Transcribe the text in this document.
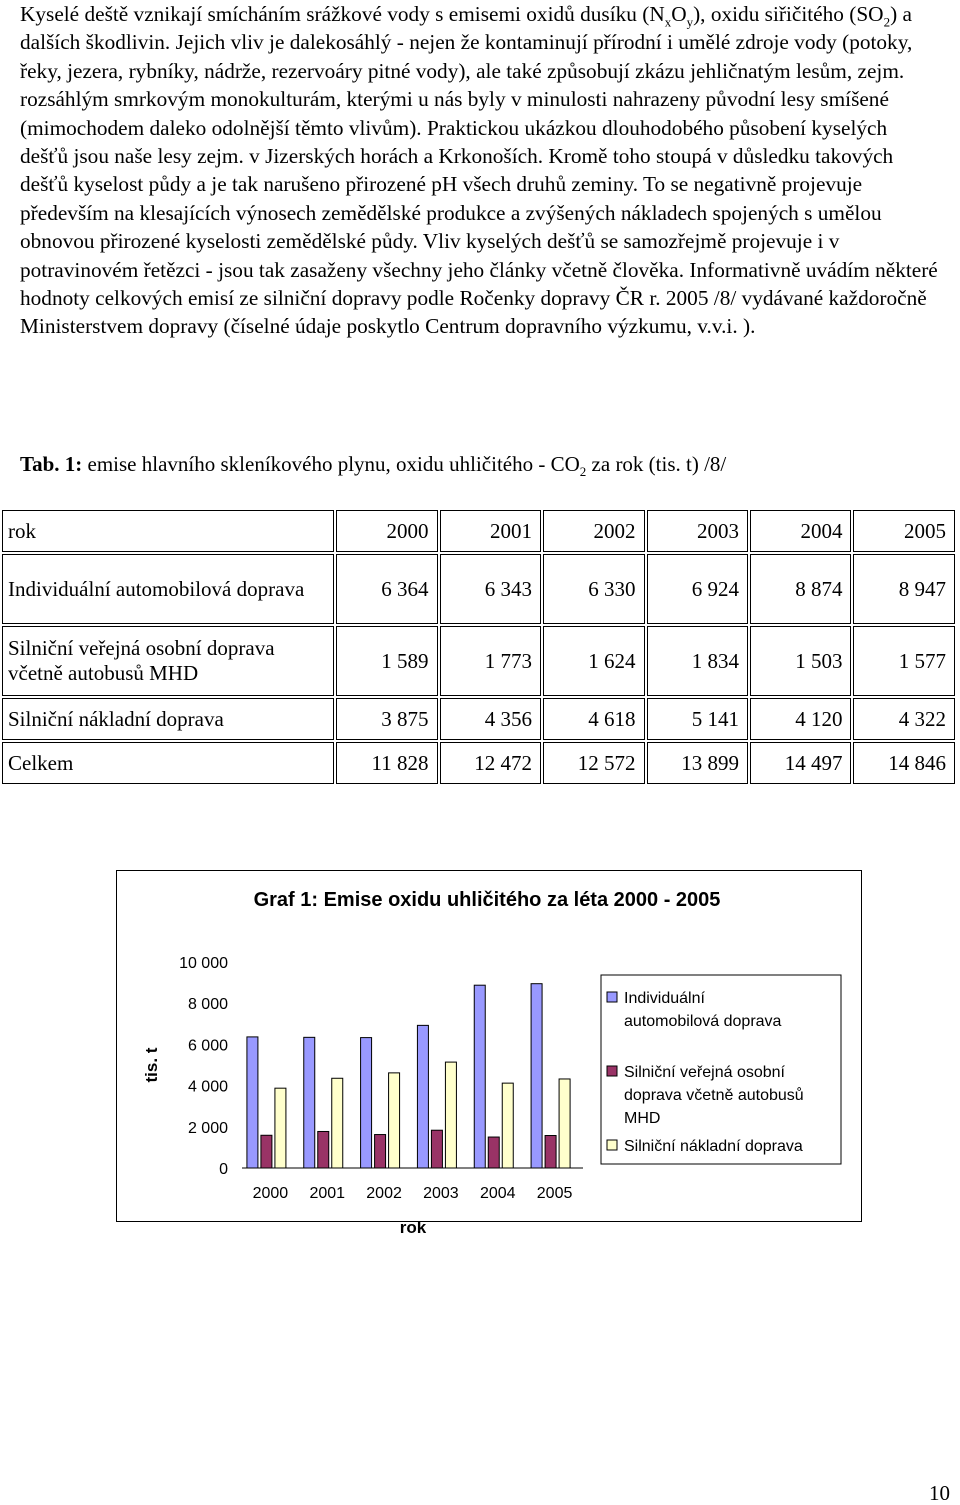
Kyselé deště vznikají smícháním srážkové vody s emisemi oxidů dusíku $(N_xO_y)$, oxidu siřičitého $(SO_2)$ a dalších škodlivin. Jejich vliv je dalekosáhlý - nejen že kontaminují přírodní i umělé zdroje vody (potoky, řeky, jezera, rybníky, nádrže, rezervoáry pitné vody), ale také způsobují zkázu jehličnatým lesům, zejm. rozsáhlým smrkovým monokulturám, kterými u nás byly v minulosti nahrazeny původní lesy smíšené (mimochodem daleko odolnější těmto vlivům). Praktickou ukázkou dlouhodobého působení kyselých dešťů jsou naše lesy zejm. v Jizerských horách a Krkonoších. Kromě toho stoupá v důsledku takových dešťů kyselost půdy a je tak narušeno přirozené pH všech druhů zeminy. To se negativně projevuje především na klesajících výnosech zemědělské produkce a zvýšených nákladech spojených s umělou obnovou přirozené kyselosti zemědělské půdy. Vliv kyselých dešťů se samozřejmě projevuje i v potravinovém řetězci - jsou tak zasaženy všechny jeho články včetně člověka. Informativně uvádím některé hodnoty celkových emisí ze silniční dopravy podle Ročenky dopravy ČR r. 2005 /8/ vydávané každoročně Ministerstvem dopravy (číselné údaje poskytlo Centrum dopravního výzkumu, v.v.i. ).

Tab. 1: emise hlavního skleníkového plynu, oxidu uhličitého - $CO_2$ za rok (tis. t) /8/

rok	2000	2001	2002	2003	2004	2005
Individuální automobilová doprava	6 364	6 343	6 330	6 924	8 874	8 947
Silniční veřejná osobní doprava včetně autobusů MHD	1 589	1 773	1 624	1 834	1 503	1 577
Silniční nákladní doprava	3 875	4 356	4 618	5 141	4 120	4 322
Celkem	11 828	12 472	12 572	13 899	14 497	14 846
Graf 1: Emise oxidu uhličitého za léta 2000 - 2005
tis. t
0
2 000
4 000
6 000
8 000
10 000
2000 2001 2002 2003 2004 2005
rok
Individuální automobilová doprava
Silniční veřejná osobní doprava včetně autobusů MHD
Silniční nákladní doprava
10
